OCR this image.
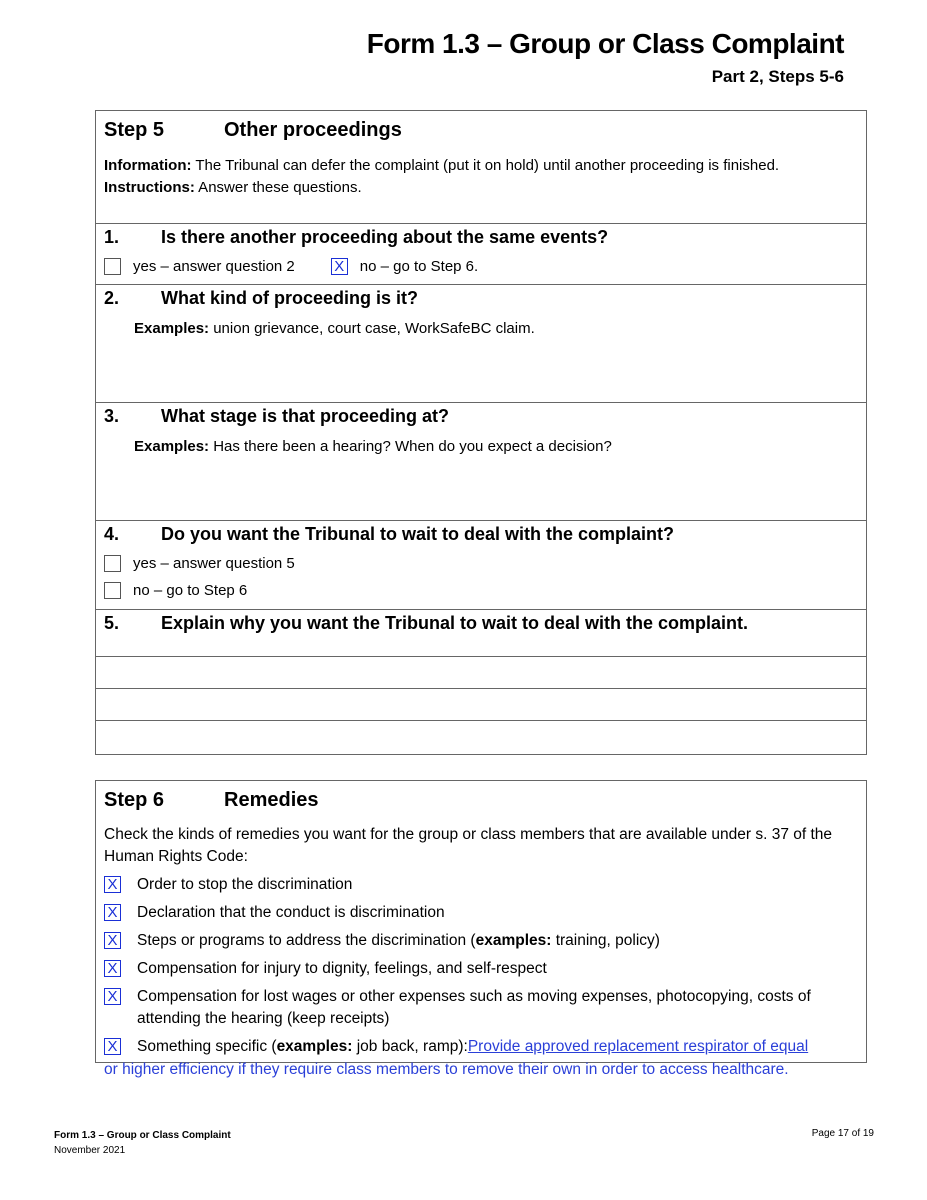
Form 1.3 – Group or Class Complaint
Part 2, Steps 5-6
Step 5	Other proceedings
Information: The Tribunal can defer the complaint (put it on hold) until another proceeding is finished.
Instructions: Answer these questions.
1.	Is there another proceeding about the same events?
yes – answer question 2	X no – go to Step 6.
2.	What kind of proceeding is it?
Examples: union grievance, court case, WorkSafeBC claim.
3.	What stage is that proceeding at?
Examples: Has there been a hearing? When do you expect a decision?
4.	Do you want the Tribunal to wait to deal with the complaint?
yes – answer question 5
no – go to Step 6
5.	Explain why you want the Tribunal to wait to deal with the complaint.
Step 6	Remedies
Check the kinds of remedies you want for the group or class members that are available under s. 37 of the Human Rights Code:
X Order to stop the discrimination
X Declaration that the conduct is discrimination
X Steps or programs to address the discrimination (examples: training, policy)
X Compensation for injury to dignity, feelings, and self-respect
X Compensation for lost wages or other expenses such as moving expenses, photocopying, costs of attending the hearing (keep receipts)
X Something specific (examples: job back, ramp): Provide approved replacement respirator of equal
or higher efficiency if they require class members to remove their own in order to access healthcare.
Form 1.3 – Group or Class Complaint
November 2021
Page 17 of 19
